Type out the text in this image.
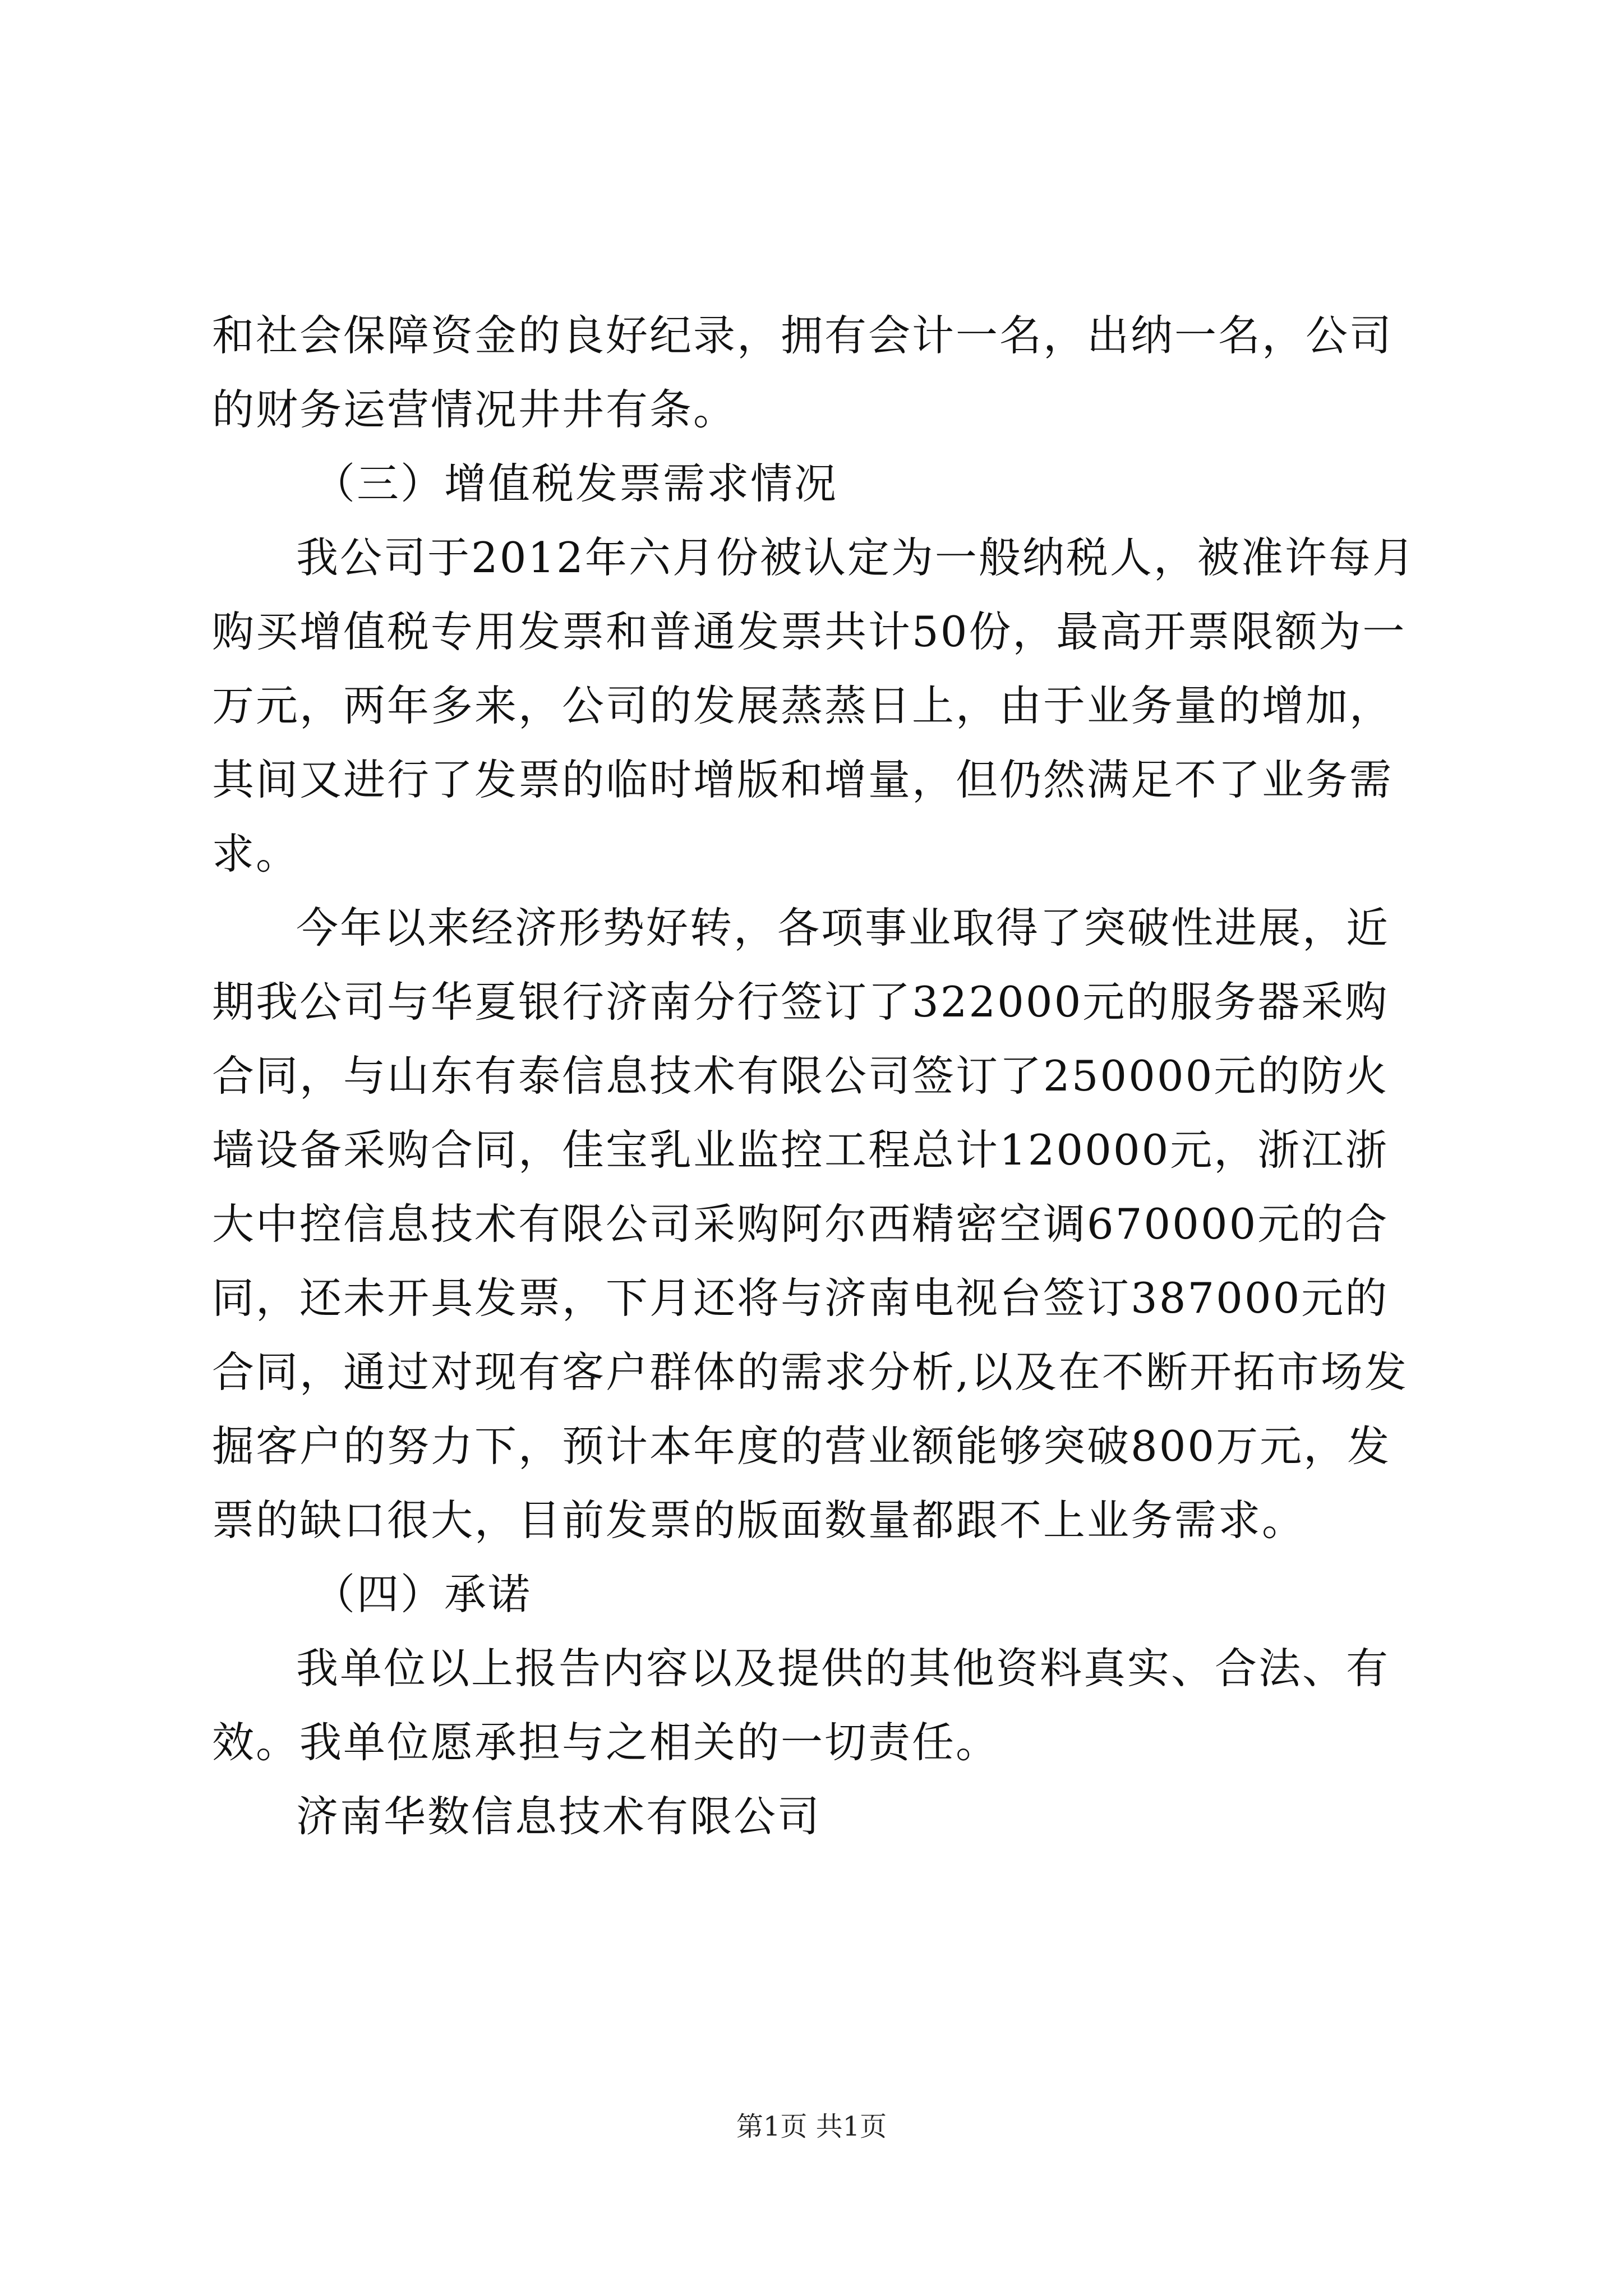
和社会保障资金的良好纪录，拥有会计一名，出纳一名，公司的财务运营情况井井有条。

（三）增值税发票需求情况

我公司于2012年六月份被认定为一般纳税人，被准许每月购买增值税专用发票和普通发票共计50份，最高开票限额为一万元，两年多来，公司的发展蒸蒸日上，由于业务量的增加，其间又进行了发票的临时增版和增量，但仍然满足不了业务需求。

今年以来经济形势好转，各项事业取得了突破性进展，近期我公司与华夏银行济南分行签订了322000元的服务器采购合同，与山东有泰信息技术有限公司签订了250000元的防火墙设备采购合同，佳宝乳业监控工程总计120000元，浙江浙大中控信息技术有限公司采购阿尔西精密空调670000元的合同，还未开具发票，下月还将与济南电视台签订387000元的合同，通过对现有客户群体的需求分析,以及在不断开拓市场发掘客户的努力下，预计本年度的营业额能够突破800万元，发票的缺口很大，目前发票的版面数量都跟不上业务需求。

（四）承诺

我单位以上报告内容以及提供的其他资料真实、合法、有效。我单位愿承担与之相关的一切责任。

济南华数信息技术有限公司

第1页 共1页
